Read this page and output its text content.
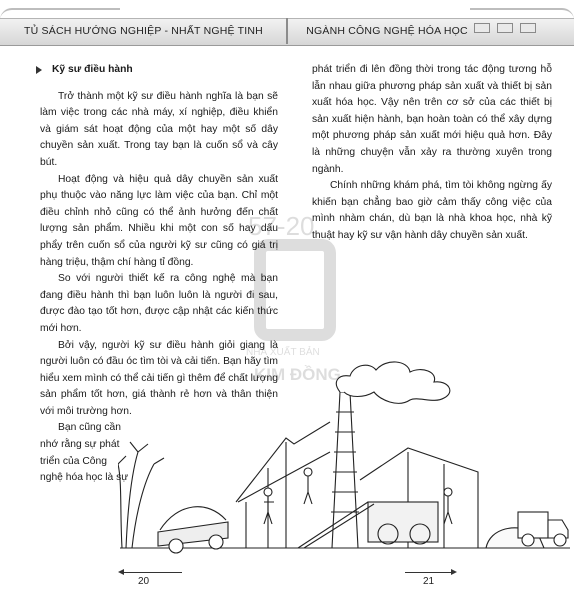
TỦ SÁCH HƯỚNG NGHIỆP - NHẤT NGHỆ TINH	NGÀNH CÔNG NGHỆ HÓA HỌC
57-20
NHÀ XUẤT BẢN
KIM ĐỒNG
Kỹ sư điều hành

Trở thành một kỹ sư điều hành nghĩa là bạn sẽ làm việc trong các nhà máy, xí nghiệp, điều khiển và giám sát hoạt động của một hay một số dây chuyền sản xuất. Trong tay bạn là cuốn sổ và cây bút.

Hoạt động và hiệu quả dây chuyền sản xuất phụ thuộc vào năng lực làm việc của bạn. Chỉ một điều chỉnh nhỏ cũng có thể ảnh hưởng đến chất lượng sản phẩm. Nhiều khi một con số hay dấu phẩy trên cuốn sổ của người kỹ sư cũng có giá trị hàng triệu, thậm chí hàng tỉ đồng.

So với người thiết kế ra công nghệ mà bạn đang điều hành thì bạn luôn luôn là người đi sau, được đào tạo tốt hơn, được cập nhật các kiến thức mới hơn.

Bởi vậy, người kỹ sư điều hành giỏi giang là người luôn có đầu óc tìm tòi và cải tiến. Bạn hãy tìm hiểu xem mình có thể cải tiến gì thêm để chất lượng sản phẩm tốt hơn, giá thành rẻ hơn và thân thiện với môi trường hơn.

Bạn cũng cần nhớ rằng sự phát triển của Công nghệ hóa học là sự

phát triển đi lên đồng thời trong tác động tương hỗ lẫn nhau giữa phương pháp sản xuất và thiết bị sản xuất hóa học. Vậy nên trên cơ sở của các thiết bị sản xuất hiện hành, bạn hoàn toàn có thể xây dựng một phương pháp sản xuất mới hiệu quả hơn. Đây là những chuyện vẫn xảy ra thường xuyên trong ngành.

Chính những khám phá, tìm tòi không ngừng ấy khiến bạn chẳng bao giờ cảm thấy công việc của mình nhàm chán, dù bạn là nhà khoa học, nhà kỹ thuật hay kỹ sư vận hành dây chuyền sản xuất.

20	21
